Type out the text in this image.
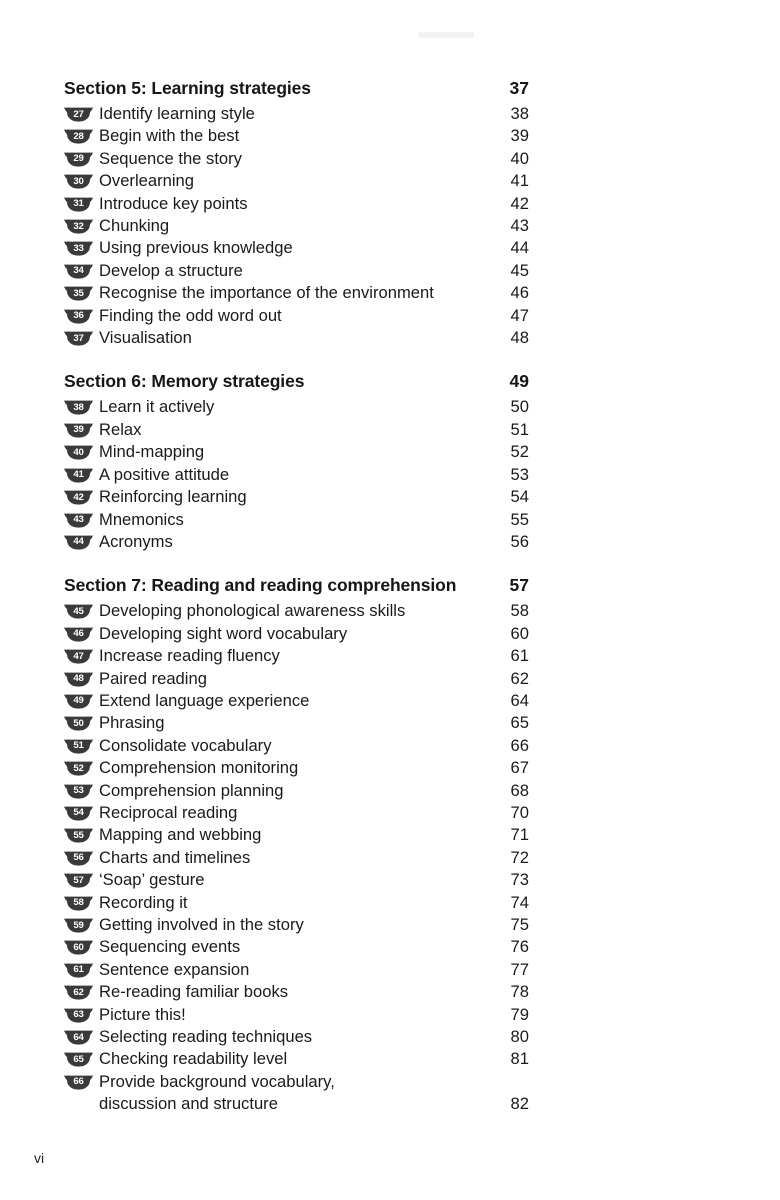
Section 5: Learning strategies	37
27 Identify learning style	38
28 Begin with the best	39
29 Sequence the story	40
30 Overlearning	41
31 Introduce key points	42
32 Chunking	43
33 Using previous knowledge	44
34 Develop a structure	45
35 Recognise the importance of the environment	46
36 Finding the odd word out	47
37 Visualisation	48
Section 6: Memory strategies	49
38 Learn it actively	50
39 Relax	51
40 Mind-mapping	52
41 A positive attitude	53
42 Reinforcing learning	54
43 Mnemonics	55
44 Acronyms	56
Section 7: Reading and reading comprehension	57
45 Developing phonological awareness skills	58
46 Developing sight word vocabulary	60
47 Increase reading fluency	61
48 Paired reading	62
49 Extend language experience	64
50 Phrasing	65
51 Consolidate vocabulary	66
52 Comprehension monitoring	67
53 Comprehension planning	68
54 Reciprocal reading	70
55 Mapping and webbing	71
56 Charts and timelines	72
57 ‘Soap’ gesture	73
58 Recording it	74
59 Getting involved in the story	75
60 Sequencing events	76
61 Sentence expansion	77
62 Re-reading familiar books	78
63 Picture this!	79
64 Selecting reading techniques	80
65 Checking readability level	81
66 Provide background vocabulary,
discussion and structure	82
vi
